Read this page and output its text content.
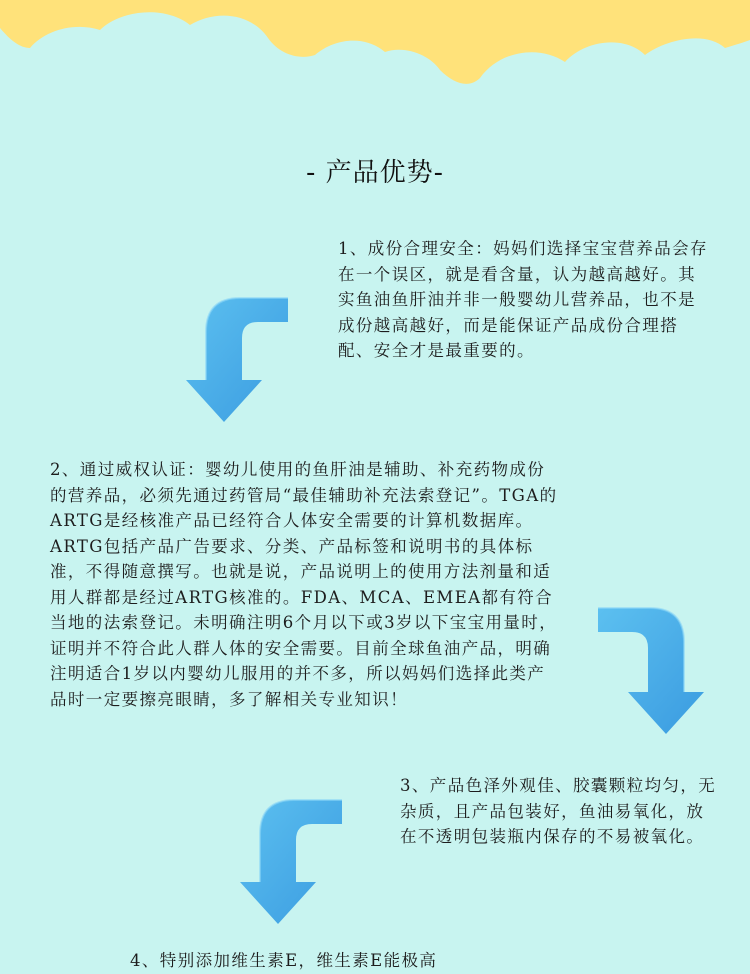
- 产品优势-

1、成份合理安全：妈妈们选择宝宝营养品会存在一个误区，就是看含量，认为越高越好。其实鱼油鱼肝油并非一般婴幼儿营养品，也不是成份越高越好，而是能保证产品成份合理搭配、安全才是最重要的。

2、通过威权认证：婴幼儿使用的鱼肝油是辅助、补充药物成份的营养品，必须先通过药管局“最佳辅助补充法索登记”。TGA的ARTG是经核准产品已经符合人体安全需要的计算机数据库。ARTG包括产品广告要求、分类、产品标签和说明书的具体标准，不得随意撰写。也就是说，产品说明上的使用方法剂量和适用人群都是经过ARTG核准的。FDA、MCA、EMEA都有符合当地的法索登记。未明确注明6个月以下或3岁以下宝宝用量时，证明并不符合此人群人体的安全需要。目前全球鱼油产品，明确注明适合1岁以内婴幼儿服用的并不多，所以妈妈们选择此类产品时一定要擦亮眼睛，多了解相关专业知识！

3、产品色泽外观佳、胶囊颗粒均匀，无杂质，且产品包装好，鱼油易氧化，放在不透明包装瓶内保存的不易被氧化。

4、特别添加维生素E，维生素E能极高
